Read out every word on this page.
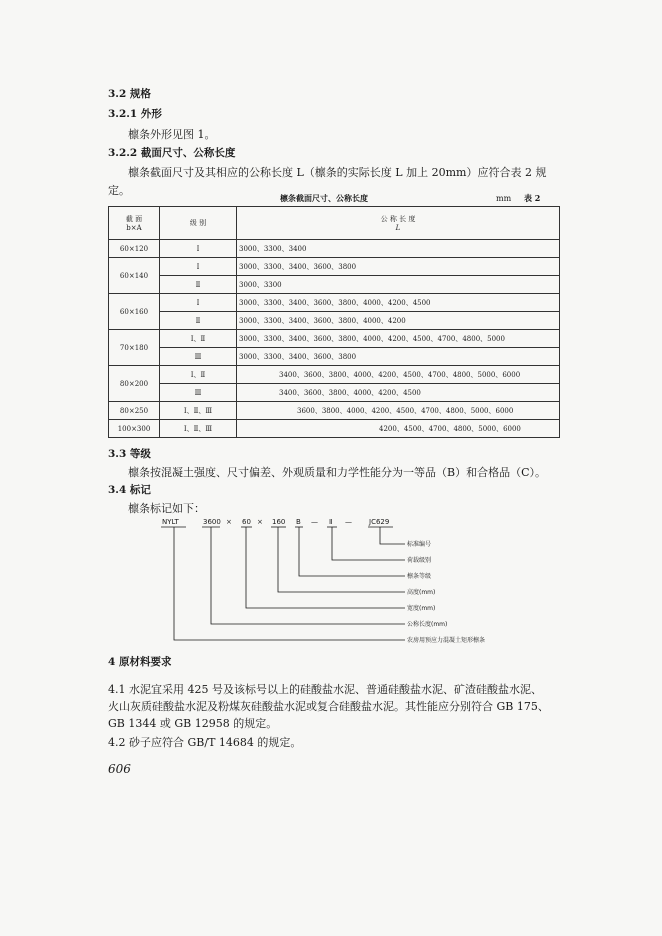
3.2 规格
3.2.1 外形
檩条外形见图 1。
3.2.2 截面尺寸、公称长度
檩条截面尺寸及其相应的公称长度 L（檩条的实际长度 L 加上 20mm）应符合表 2 规
定。
檩条截面尺寸、公称长度	mm 表 2
截 面
b×A	级 别	公 称 长 度
L

60×120	Ⅰ	3000、3300、3400
60×140	Ⅰ	3000、3300、3400、3600、3800
	Ⅱ	3000、3300
60×160	Ⅰ	3000、3300、3400、3600、3800、4000、4200、4500
	Ⅱ	3000、3300、3400、3600、3800、4000、4200
70×180	Ⅰ、Ⅱ	3000、3300、3400、3600、3800、4000、4200、4500、4700、4800、5000
	Ⅲ	3000、3300、3400、3600、3800
80×200	Ⅰ、Ⅱ	3400、3600、3800、4000、4200、4500、4700、4800、5000、6000
	Ⅲ	3400、3600、3800、4000、4200、4500
80×250	Ⅰ、Ⅱ、Ⅲ	3600、3800、4000、4200、4500、4700、4800、5000、6000
100×300	Ⅰ、Ⅱ、Ⅲ	4200、4500、4700、4800、5000、6000
3.3 等级
檩条按混凝土强度、尺寸偏差、外观质量和力学性能分为一等品（B）和合格品（C）。
3.4 标记
檩条标记如下：
NYLT	3600 × 60 × 160 B — Ⅱ — JC629
标准编号
荷载级别
檩条等级
高度(mm)
宽度(mm)
公称长度(mm)
农房用预应力混凝土矩形檩条
4 原材料要求
4.1 水泥宜采用 425 号及该标号以上的硅酸盐水泥、普通硅酸盐水泥、矿渣硅酸盐水泥、
火山灰质硅酸盐水泥及粉煤灰硅酸盐水泥或复合硅酸盐水泥。其性能应分别符合 GB 175、
GB 1344 或 GB 12958 的规定。
4.2 砂子应符合 GB/T 14684 的规定。
606
